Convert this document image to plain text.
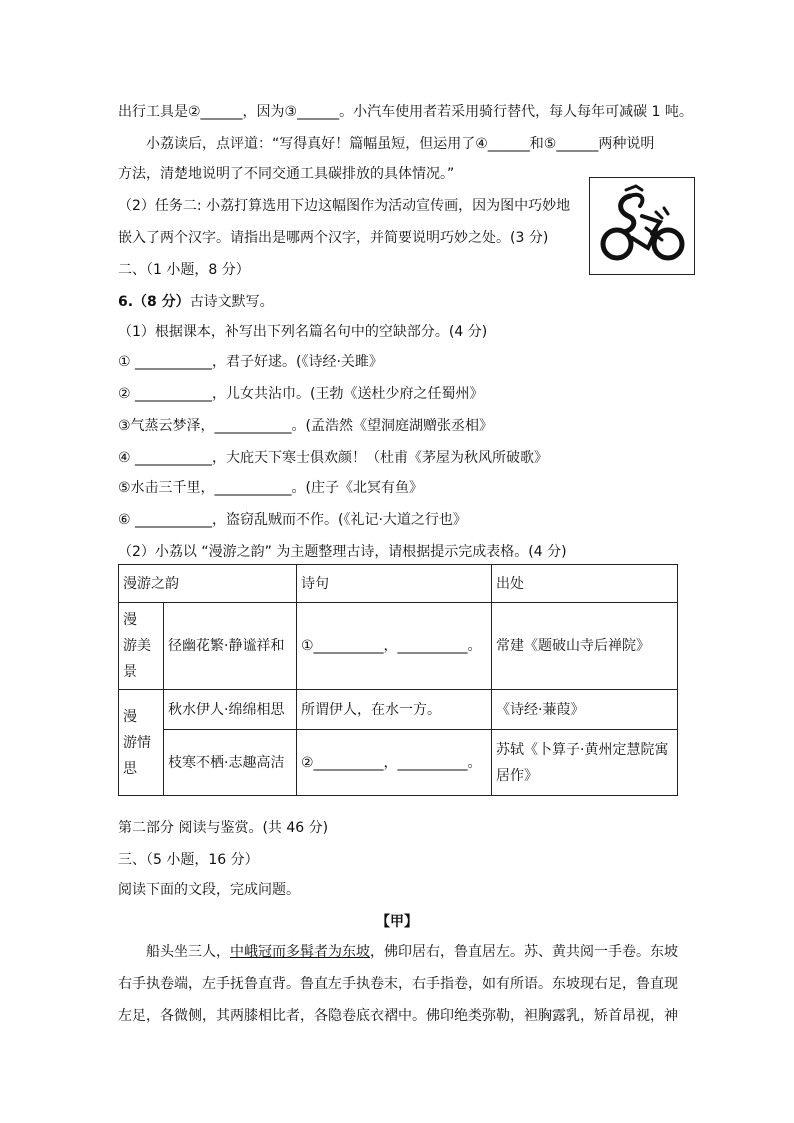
出行工具是②______，因为③______。小汽车使用者若采用骑行替代，每人每年可减碳 1 吨。
小荔读后，点评道：“写得真好！篇幅虽短，但运用了④______和⑤______两种说明
方法，清楚地说明了不同交通工具碳排放的具体情况。”
（2）任务二: 小荔打算选用下边这幅图作为活动宣传画，因为图中巧妙地
嵌入了两个汉字。请指出是哪两个汉字，并简要说明巧妙之处。(3 分)
二、（1 小题，8 分）
6.（8 分）古诗文默写。
（1）根据课本，补写出下列名篇名句中的空缺部分。(4 分)
① ___________，君子好逑。(《诗经·关雎》
② ___________，儿女共沾巾。(王勃《送杜少府之任蜀州》
③气蒸云梦泽，___________。(孟浩然《望洞庭湖赠张丞相》
④ ___________，大庇天下寒士俱欢颜！（杜甫《茅屋为秋风所破歌》
⑤水击三千里，___________。(庄子《北冥有鱼》
⑥ ___________，盗窃乱贼而不作。(《礼记·大道之行也》
（2）小荔以 “漫游之韵” 为主题整理古诗，请根据提示完成表格。(4 分)
漫游之韵		诗句	出处
漫　游美景	径幽花繁·静谧祥和	①__________，__________。	常建《题破山寺后禅院》
漫　游情思	秋水伊人·绵绵相思	所谓伊人，在水一方。	《诗经·蒹葭》
	枝寒不栖·志趣高洁	②__________，__________。	苏轼《卜算子·黄州定慧院寓居作》
第二部分 阅读与鉴赏。(共 46 分)
三、（5 小题，16 分）
阅读下面的文段，完成问题。
【甲】
船头坐三人，中峨冠而多髯者为东坡，佛印居右，鲁直居左。苏、黄共阅一手卷。东坡
右手执卷端，左手抚鲁直背。鲁直左手执卷末，右手指卷，如有所语。东坡现右足，鲁直现
左足，各微侧，其两膝相比者，各隐卷底衣褶中。佛印绝类弥勒，袒胸露乳，矫首昂视，神
